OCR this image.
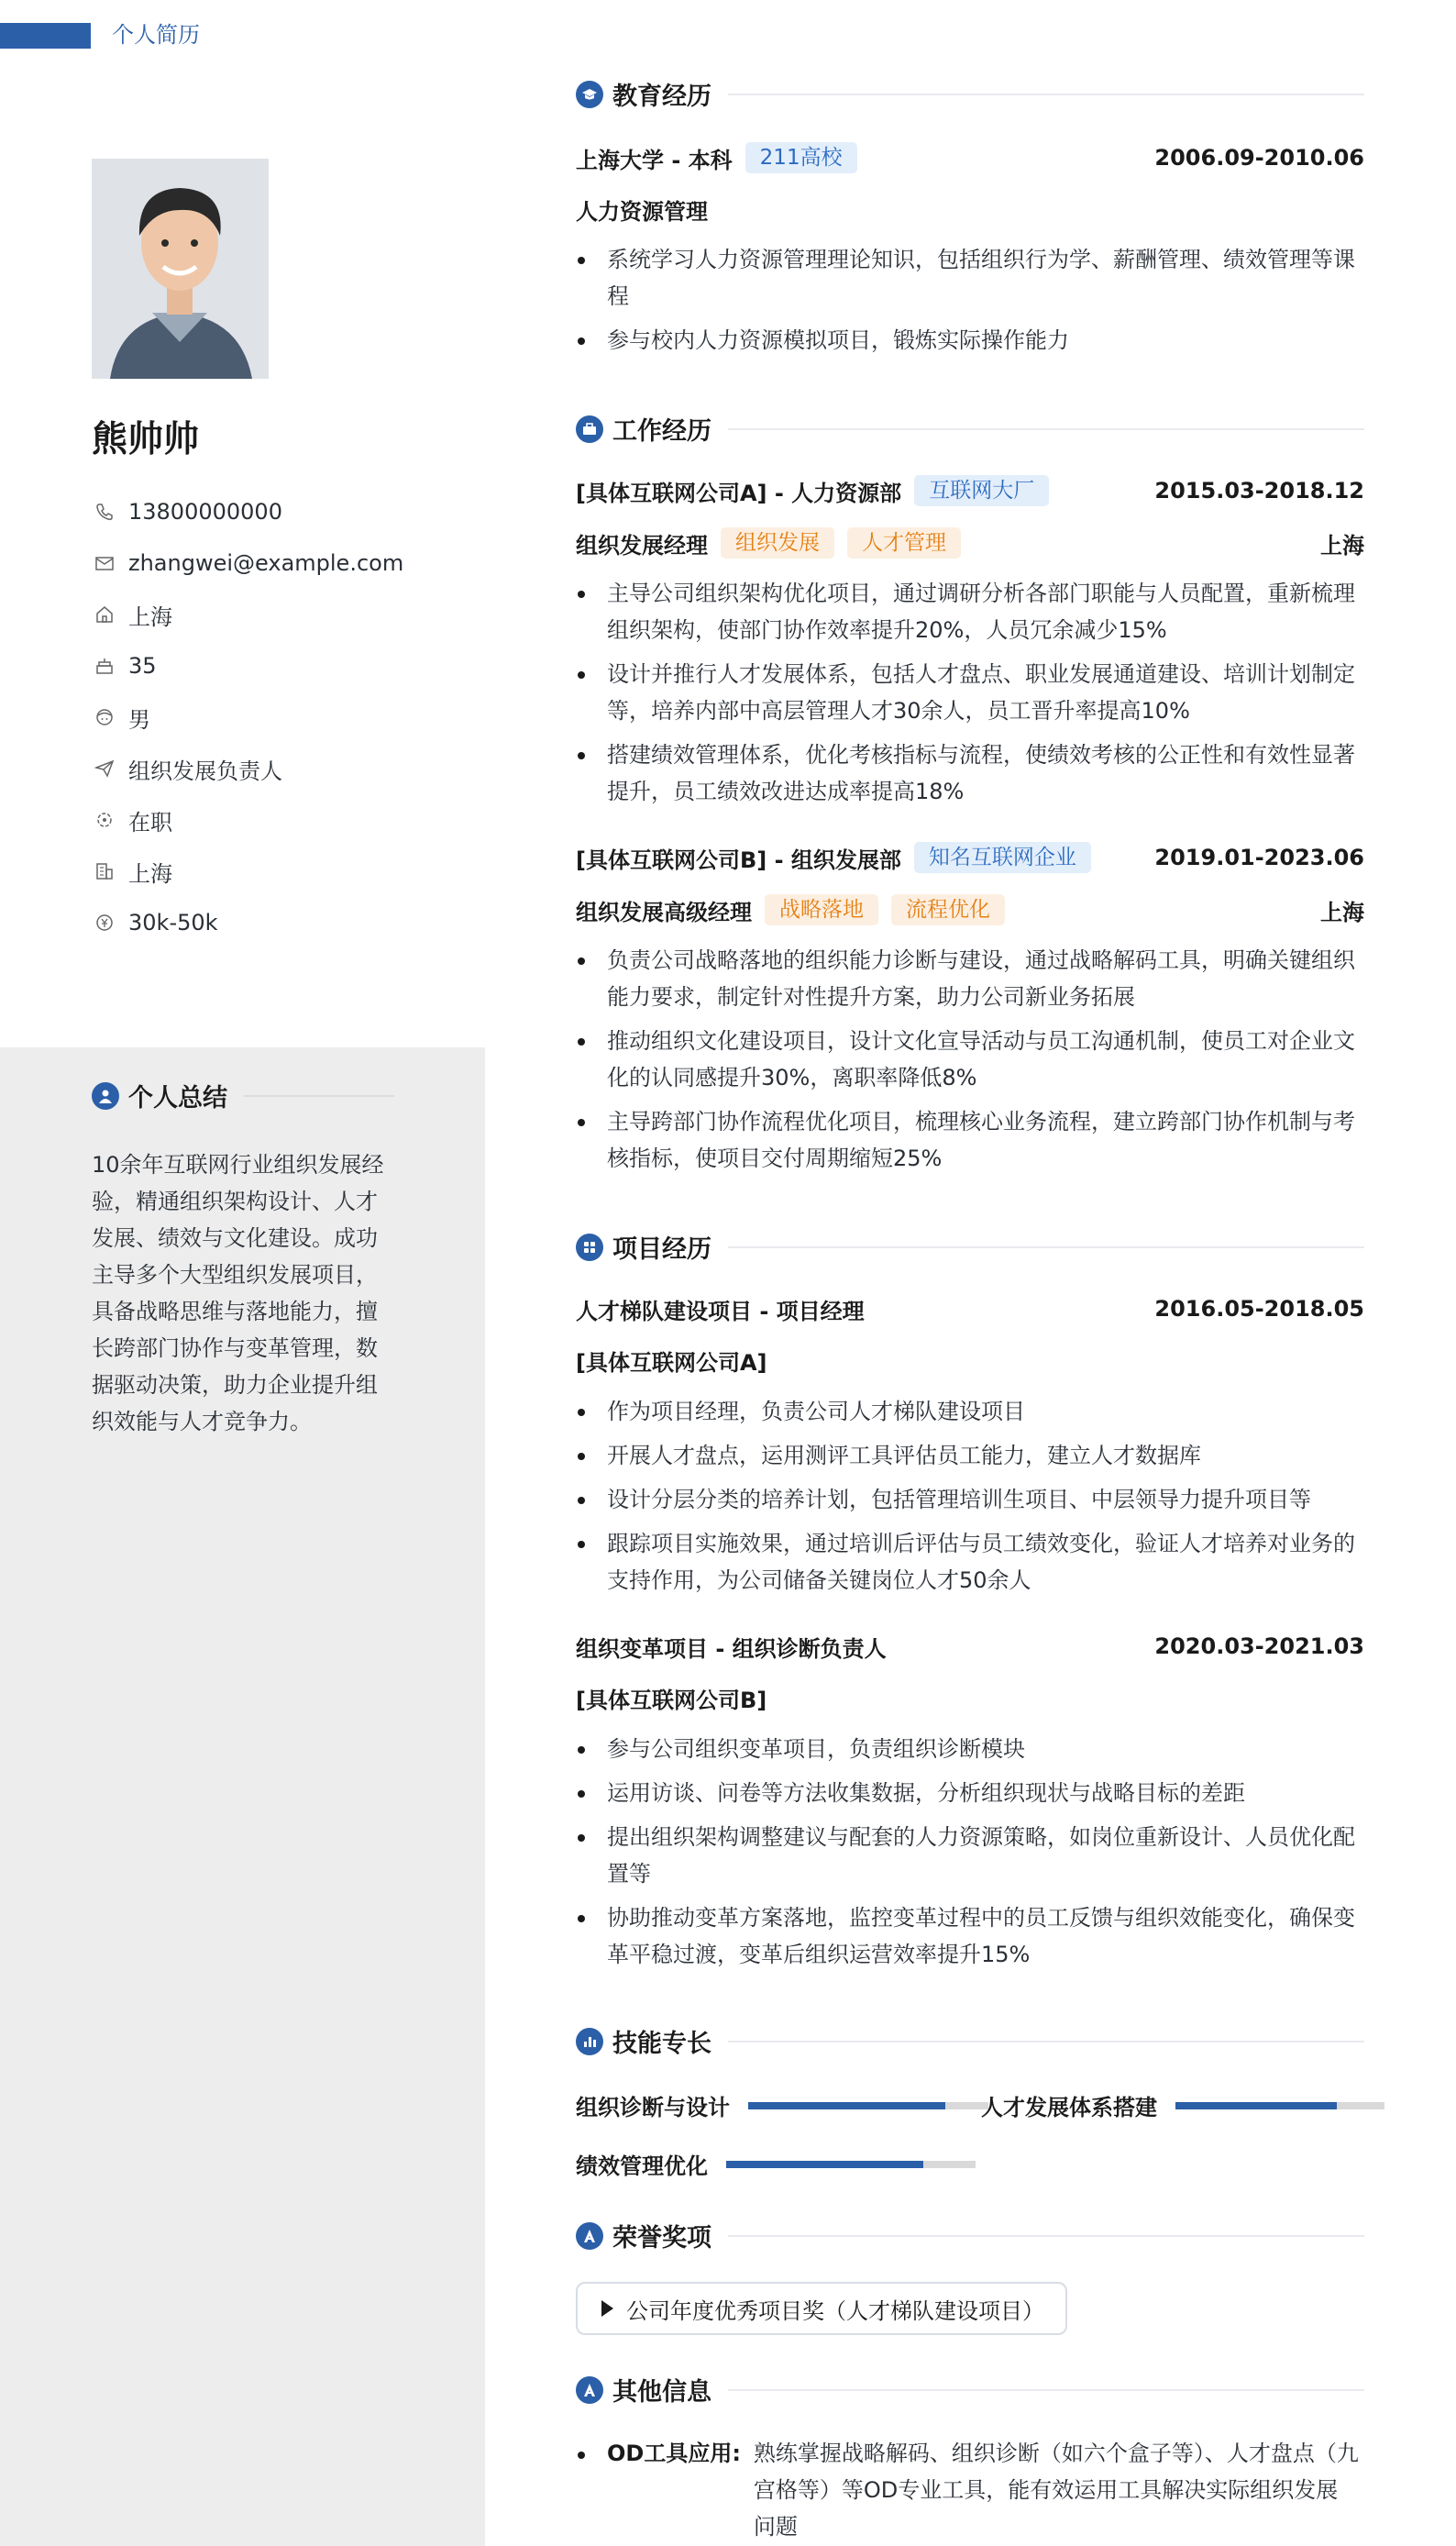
个人简历
熊帅帅
13800000000
zhangwei@example.com
上海
35
男
组织发展负责人
在职
上海
30k-50k
个人总结
10余年互联网行业组织发展经验，精通组织架构设计、人才发展、绩效与文化建设。成功主导多个大型组织发展项目，具备战略思维与落地能力，擅长跨部门协作与变革管理，数据驱动决策，助力企业提升组织效能与人才竞争力。
教育经历
上海大学 - 本科	211高校	2006.09-2010.06
人力资源管理
系统学习人力资源管理理论知识，包括组织行为学、薪酬管理、绩效管理等课程
参与校内人力资源模拟项目，锻炼实际操作能力
工作经历
[具体互联网公司A] - 人力资源部	互联网大厂	2015.03-2018.12
组织发展经理	组织发展	人才管理	上海
主导公司组织架构优化项目，通过调研分析各部门职能与人员配置，重新梳理组织架构，使部门协作效率提升20%，人员冗余减少15%
设计并推行人才发展体系，包括人才盘点、职业发展通道建设、培训计划制定等，培养内部中高层管理人才30余人，员工晋升率提高10%
搭建绩效管理体系，优化考核指标与流程，使绩效考核的公正性和有效性显著提升，员工绩效改进达成率提高18%
[具体互联网公司B] - 组织发展部	知名互联网企业	2019.01-2023.06
组织发展高级经理	战略落地	流程优化	上海
负责公司战略落地的组织能力诊断与建设，通过战略解码工具，明确关键组织能力要求，制定针对性提升方案，助力公司新业务拓展
推动组织文化建设项目，设计文化宣导活动与员工沟通机制，使员工对企业文化的认同感提升30%，离职率降低8%
主导跨部门协作流程优化项目，梳理核心业务流程，建立跨部门协作机制与考核指标，使项目交付周期缩短25%
项目经历
人才梯队建设项目 - 项目经理	2016.05-2018.05
[具体互联网公司A]
作为项目经理，负责公司人才梯队建设项目
开展人才盘点，运用测评工具评估员工能力，建立人才数据库
设计分层分类的培养计划，包括管理培训生项目、中层领导力提升项目等
跟踪项目实施效果，通过培训后评估与员工绩效变化，验证人才培养对业务的支持作用，为公司储备关键岗位人才50余人
组织变革项目 - 组织诊断负责人	2020.03-2021.03
[具体互联网公司B]
参与公司组织变革项目，负责组织诊断模块
运用访谈、问卷等方法收集数据，分析组织现状与战略目标的差距
提出组织架构调整建议与配套的人力资源策略，如岗位重新设计、人员优化配置等
协助推动变革方案落地，监控变革过程中的员工反馈与组织效能变化，确保变革平稳过渡，变革后组织运营效率提升15%
技能专长
组织诊断与设计	人才发展体系搭建
绩效管理优化
荣誉奖项
公司年度优秀项目奖（人才梯队建设项目）
其他信息
OD工具应用: 熟练掌握战略解码、组织诊断（如六个盒子等）、人才盘点（九宫格等）等OD专业工具，能有效运用工具解决实际组织发展问题
